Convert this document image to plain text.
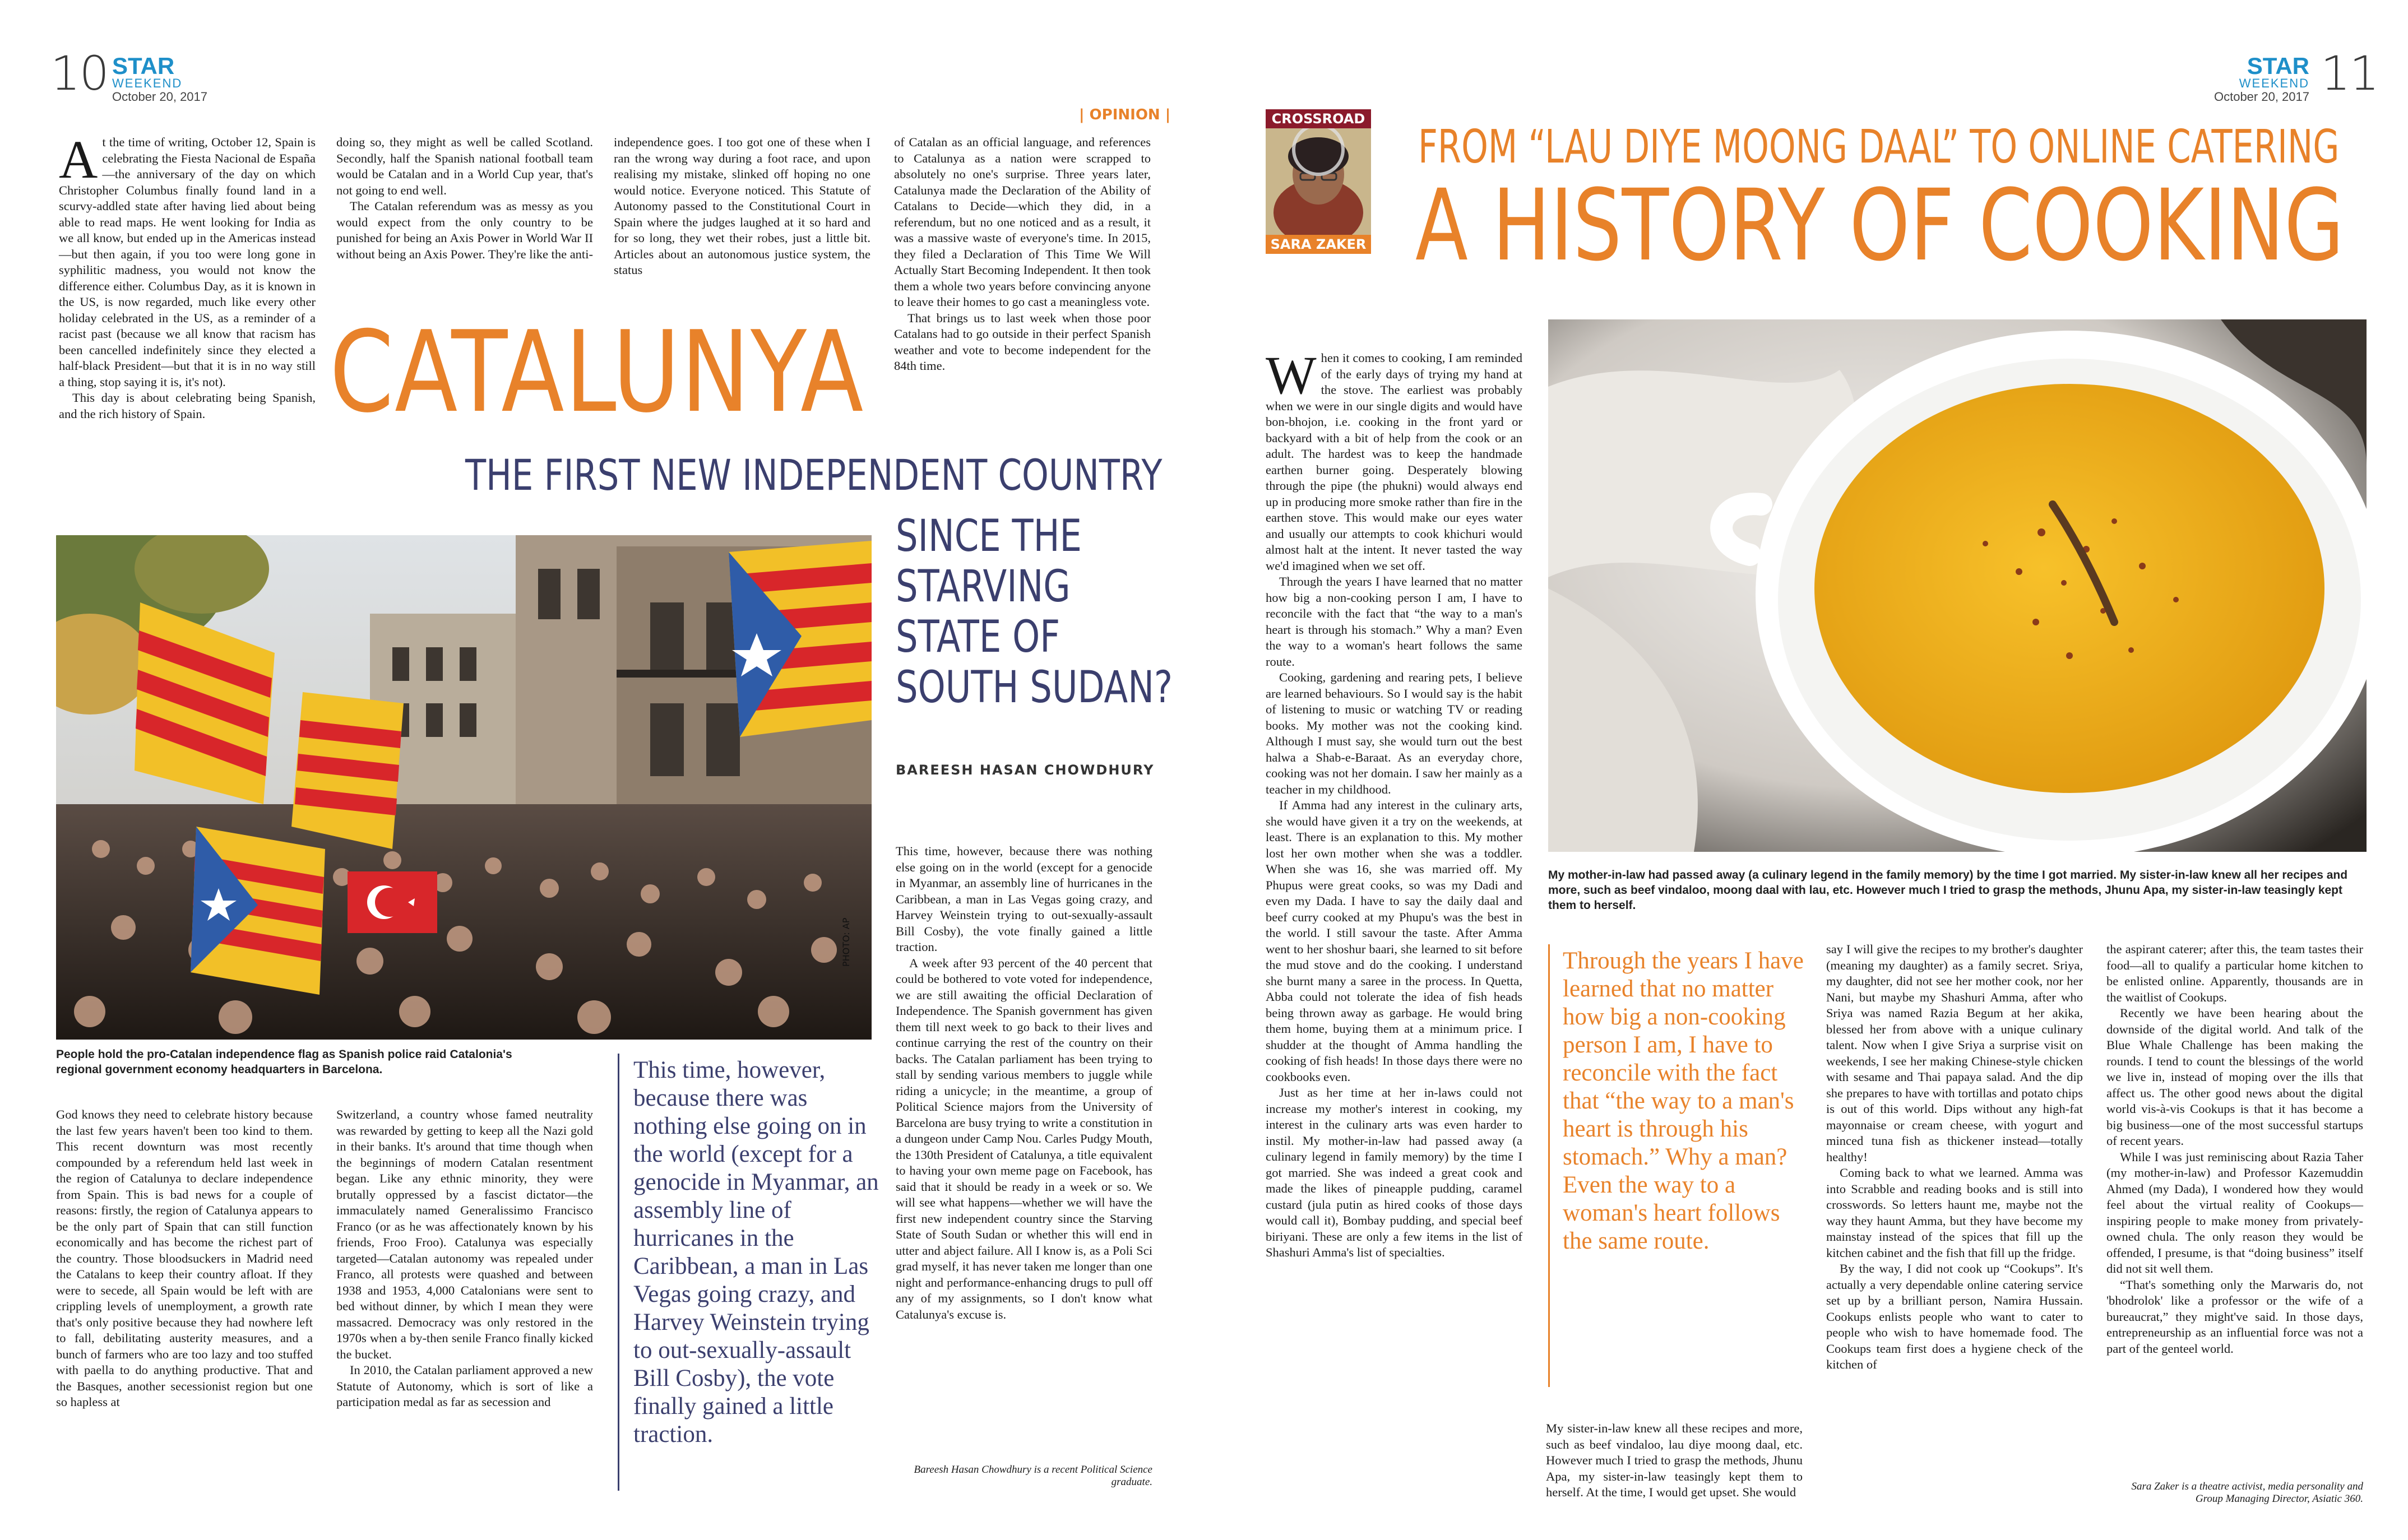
10 STAR
WEEKEND
October 20, 2017
| OPINION |

At the time of writing, October 12, Spain is celebrating the Fiesta Nacional de España—the anniversary of the day on which Christopher Columbus finally found land in a scurvy-addled state after having lied about being able to read maps. He went looking for India as we all know, but ended up in the Americas instead—but then again, if you too were long gone in syphilitic madness, you would not know the difference either. Columbus Day, as it is known in the US, is now regarded, much like every other holiday celebrated in the US, as a reminder of a racist past (because we all know that racism has been cancelled indefinitely since they elected a half-black President—but that it is in no way still a thing, stop saying it is, it's not).

This day is about celebrating being Spanish, and the rich history of Spain.

doing so, they might as well be called Scotland. Secondly, half the Spanish national football team would be Catalan and in a World Cup year, that's not going to end well.

The Catalan referendum was as messy as you would expect from the only country to be punished for being an Axis Power in World War II without being an Axis Power. They're like the anti-

independence goes. I too got one of these when I ran the wrong way during a foot race, and upon realising my mistake, slinked off hoping no one would notice. Everyone noticed. This Statute of Autonomy passed to the Constitutional Court in Spain where the judges laughed at it so hard and for so long, they wet their robes, just a little bit. Articles about an autonomous justice system, the status

of Catalan as an official language, and references to Catalunya as a nation were scrapped to absolutely no one's surprise. Three years later, Catalunya made the Declaration of the Ability of Catalans to Decide—which they did, in a referendum, but no one noticed and as a result, it was a massive waste of everyone's time. In 2015, they filed a Declaration of This Time We Will Actually Start Becoming Independent. It then took them a whole two years before convincing anyone to leave their homes to go cast a meaningless vote.

That brings us to last week when those poor Catalans had to go outside in their perfect Spanish weather and vote to become independent for the 84th time.

CATALUNYA
THE FIRST NEW INDEPENDENT COUNTRY
SINCE THE
STARVING
STATE OF
SOUTH SUDAN?
BAREESH HASAN CHOWDHURY
PHOTO: AP
People hold the pro-Catalan independence flag as Spanish police raid Catalonia's regional government economy headquarters in Barcelona.

God knows they need to celebrate history because the last few years haven't been too kind to them. This recent downturn was most recently compounded by a referendum held last week in the region of Catalunya to declare independence from Spain. This is bad news for a couple of reasons: firstly, the region of Catalunya appears to be the only part of Spain that can still function economically and has become the richest part of the country. Those bloodsuckers in Madrid need the Catalans to keep their country afloat. If they were to secede, all Spain would be left with are crippling levels of unemployment, a growth rate that's only positive because they had nowhere left to fall, debilitating austerity measures, and a bunch of farmers who are too lazy and too stuffed with paella to do anything productive. That and the Basques, another secessionist region but one so hapless at

Switzerland, a country whose famed neutrality was rewarded by getting to keep all the Nazi gold in their banks. It's around that time though when the beginnings of modern Catalan resentment began. Like any ethnic minority, they were brutally oppressed by a fascist dictator—the immaculately named Generalissimo Francisco Franco (or as he was affectionately known by his friends, Froo Froo). Catalunya was especially targeted—Catalan autonomy was repealed under Franco, all protests were quashed and between 1938 and 1953, 4,000 Catalonians were sent to bed without dinner, by which I mean they were massacred. Democracy was only restored in the 1970s when a by-then senile Franco finally kicked the bucket.

In 2010, the Catalan parliament approved a new Statute of Autonomy, which is sort of like a participation medal as far as secession and

This time, however, because there was nothing else going on in the world (except for a genocide in Myanmar, an assembly line of hurricanes in the Caribbean, a man in Las Vegas going crazy, and Harvey Weinstein trying to out-sexually-assault Bill Cosby), the vote finally gained a little traction.

This time, however, because there was nothing else going on in the world (except for a genocide in Myanmar, an assembly line of hurricanes in the Caribbean, a man in Las Vegas going crazy, and Harvey Weinstein trying to out-sexually-assault Bill Cosby), the vote finally gained a little traction.

A week after 93 percent of the 40 percent that could be bothered to vote voted for independence, we are still awaiting the official Declaration of Independence. The Spanish government has given them till next week to go back to their lives and continue carrying the rest of the country on their backs. The Catalan parliament has been trying to stall by sending various members to juggle while riding a unicycle; in the meantime, a group of Political Science majors from the University of Barcelona are busy trying to write a constitution in a dungeon under Camp Nou. Carles Pudgy Mouth, the 130th President of Catalunya, a title equivalent to having your own meme page on Facebook, has said that it should be ready in a week or so. We will see what happens—whether we will have the first new independent country since the Starving State of South Sudan or whether this will end in utter and abject failure. All I know is, as a Poli Sci grad myself, it has never taken me longer than one night and performance-enhancing drugs to pull off any of my assignments, so I don't know what Catalunya's excuse is.

Bareesh Hasan Chowdhury is a recent Political Science graduate.
STAR
WEEKEND
October 20, 2017 11
CROSSROAD
SARA ZAKER
FROM “LAU DIYE MOONG DAAL” TO ONLINE CATERING
A HISTORY OF COOKING
My mother-in-law had passed away (a culinary legend in the family memory) by the time I got married. My sister-in-law knew all her recipes and more, such as beef vindaloo, moong daal with lau, etc. However much I tried to grasp the methods, Jhunu Apa, my sister-in-law teasingly kept them to herself.

When it comes to cooking, I am reminded of the early days of trying my hand at the stove. The earliest was probably when we were in our single digits and would have bon-bhojon, i.e. cooking in the front yard or backyard with a bit of help from the cook or an adult. The hardest was to keep the handmade earthen burner going. Desperately blowing through the pipe (the phukni) would always end up in producing more smoke rather than fire in the earthen stove. This would make our eyes water and usually our attempts to cook khichuri would almost halt at the intent. It never tasted the way we'd imagined when we set off.

Through the years I have learned that no matter how big a non-cooking person I am, I have to reconcile with the fact that “the way to a man's heart is through his stomach.” Why a man? Even the way to a woman's heart follows the same route.

Cooking, gardening and rearing pets, I believe are learned behaviours. So I would say is the habit of listening to music or watching TV or reading books. My mother was not the cooking kind. Although I must say, she would turn out the best halwa a Shab-e-Baraat. As an everyday chore, cooking was not her domain. I saw her mainly as a teacher in my childhood.

If Amma had any interest in the culinary arts, she would have given it a try on the weekends, at least. There is an explanation to this. My mother lost her own mother when she was a toddler. When she was 16, she was married off. My Phupus were great cooks, so was my Dadi and even my Dada. I have to say the daily daal and beef curry cooked at my Phupu's was the best in the world. I still savour the taste. After Amma went to her shoshur baari, she learned to sit before the mud stove and do the cooking. I understand she burnt many a saree in the process. In Quetta, Abba could not tolerate the idea of fish heads being thrown away as garbage. He would bring them home, buying them at a minimum price. I shudder at the thought of Amma handling the cooking of fish heads! In those days there were no cookbooks even.

Just as her time at her in-laws could not increase my mother's interest in cooking, my interest in the culinary arts was even harder to instil. My mother-in-law had passed away (a culinary legend in family memory) by the time I got married. She was indeed a great cook and made the likes of pineapple pudding, caramel custard (jula putin as hired cooks of those days would call it), Bombay pudding, and special beef biriyani. These are only a few items in the list of Shashuri Amma's list of specialties.

Through the years I have learned that no matter how big a non-cooking person I am, I have to reconcile with the fact that “the way to a man's heart is through his stomach.” Why a man? Even the way to a woman's heart follows the same route.

My sister-in-law knew all these recipes and more, such as beef vindaloo, lau diye moong daal, etc. However much I tried to grasp the methods, Jhunu Apa, my sister-in-law teasingly kept them to herself. At the time, I would get upset. She would

say I will give the recipes to my brother's daughter (meaning my daughter) as a family secret. Sriya, my daughter, did not see her mother cook, nor her Nani, but maybe my Shashuri Amma, after who Sriya was named Razia Begum at her akika, blessed her from above with a unique culinary talent. Now when I give Sriya a surprise visit on weekends, I see her making Chinese-style chicken with sesame and Thai papaya salad. And the dip she prepares to have with tortillas and potato chips is out of this world. Dips without any high-fat mayonnaise or cream cheese, with yogurt and minced tuna fish as thickener instead—totally healthy!

Coming back to what we learned. Amma was into Scrabble and reading books and is still into crosswords. So letters haunt me, maybe not the way they haunt Amma, but they have become my mainstay instead of the spices that fill up the kitchen cabinet and the fish that fill up the fridge.

By the way, I did not cook up “Cookups”. It's actually a very dependable online catering service set up by a brilliant person, Namira Hussain. Cookups enlists people who want to cater to people who wish to have homemade food. The Cookups team first does a hygiene check of the kitchen of

the aspirant caterer; after this, the team tastes their food—all to qualify a particular home kitchen to be enlisted online. Apparently, thousands are in the waitlist of Cookups.

Recently we have been hearing about the downside of the digital world. And talk of the Blue Whale Challenge has been making the rounds. I tend to count the blessings of the world we live in, instead of moping over the ills that affect us. The other good news about the digital world vis-à-vis Cookups is that it has become a big business—one of the most successful startups of recent years.

While I was just reminiscing about Razia Taher (my mother-in-law) and Professor Kazemuddin Ahmed (my Dada), I wondered how they would feel about the virtual reality of Cookups—inspiring people to make money from privately-owned chula. The only reason they would be offended, I presume, is that “doing business” itself did not sit well them.

“That's something only the Marwaris do, not 'bhodrolok' like a professor or the wife of a bureaucrat,” they might've said. In those days, entrepreneurship as an influential force was not a part of the genteel world.

Sara Zaker is a theatre activist, media personality and Group Managing Director, Asiatic 360.
